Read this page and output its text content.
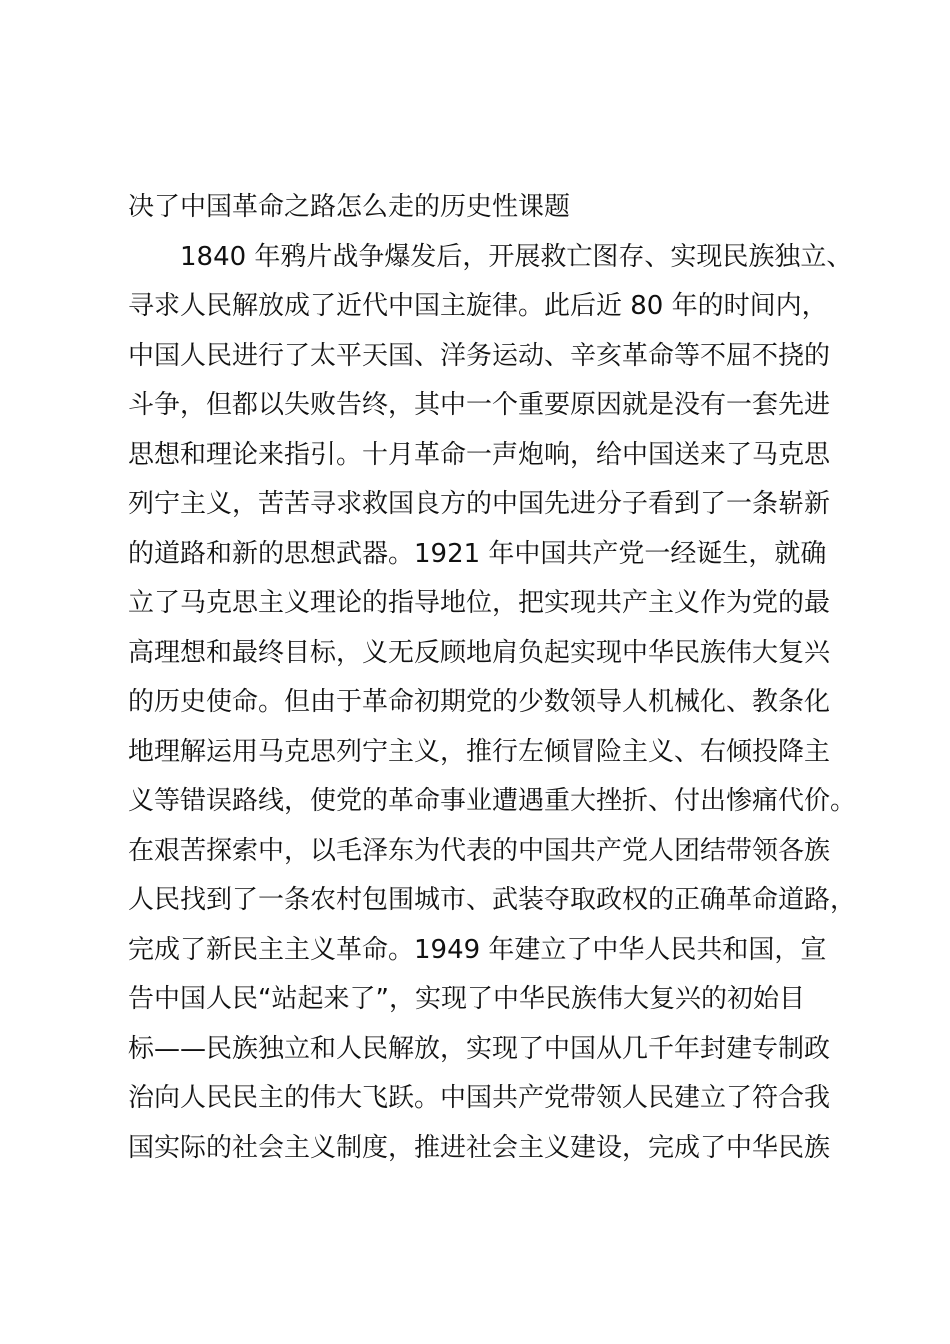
决了中国革命之路怎么走的历史性课题
1840 年鸦片战争爆发后，开展救亡图存、实现民族独立、
寻求人民解放成了近代中国主旋律。此后近 80 年的时间内，
中国人民进行了太平天国、洋务运动、辛亥革命等不屈不挠的
斗争，但都以失败告终，其中一个重要原因就是没有一套先进
思想和理论来指引。十月革命一声炮响，给中国送来了马克思
列宁主义，苦苦寻求救国良方的中国先进分子看到了一条崭新
的道路和新的思想武器。1921 年中国共产党一经诞生，就确
立了马克思主义理论的指导地位，把实现共产主义作为党的最
高理想和最终目标，义无反顾地肩负起实现中华民族伟大复兴
的历史使命。但由于革命初期党的少数领导人机械化、教条化
地理解运用马克思列宁主义，推行左倾冒险主义、右倾投降主
义等错误路线，使党的革命事业遭遇重大挫折、付出惨痛代价。
在艰苦探索中，以毛泽东为代表的中国共产党人团结带领各族
人民找到了一条农村包围城市、武装夺取政权的正确革命道路，
完成了新民主主义革命。1949 年建立了中华人民共和国，宣
告中国人民“站起来了”，实现了中华民族伟大复兴的初始目
标——民族独立和人民解放，实现了中国从几千年封建专制政
治向人民民主的伟大飞跃。中国共产党带领人民建立了符合我
国实际的社会主义制度，推进社会主义建设，完成了中华民族
